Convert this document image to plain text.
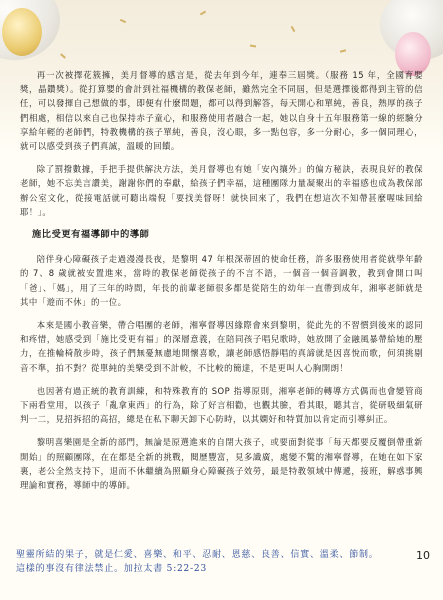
再一次被擇花簇擁，美月督導的感言是，從去年到今年，連奉三屆獎。（服務 15 年，全國育嬰獎，晶鑽獎）。從打算嬰的會計到社福機構的教保老師，雖然完全不同屆，但是選擇後都得到主管的信任，可以發揮自己想做的事，即便有什麼問題，都可以得到解答，每天開心和單純，善良，熱厚的孩子們相處，相信以來自己也保持赤子童心，和服務使用者融合一起，她以自身十五年服務第一線的經驗分享給年輕的老師們，特教機構的孩子單純，善良，沒心眼，多一點包容，多一分耐心，多一個同理心，就可以感受到孩子們真誠，溫暖的回饋。

除了罰撥數據，手把手提供解決方法，美月督導也有她「安內攘外」的偏方秘訣，表現良好的教保老師，她不忘美言讚美，謝謝你們的奉獻，給孩子們幸福，這種團隊力量凝聚出的幸福感也成為教保部辦公室文化，從接電話就可聽出端倪「要找美督呀！就快回來了，我們在想這次不知帶甚麼喔味回給耶！」。

施比受更有福導師中的導師

陪伴身心障礙孩子走過漫漫長夜，是黎明 47 年根深蒂固的使命任務，許多服務使用者從就學年齡的 7、8 歲就被安置進來，當時的教保老師從孩子的不言不語，一個音一個音調教，教到會開口叫「爸」、「媽」，用了三年的時間，年長的前輩老師很多都是從陪生的幼年一直帶到成年，湘寧老師就是其中「遊而不休」的一位。

本來是國小教音樂，帶合唱團的老師，湘寧督導因緣際會來到黎明，從此先的不習慣到後來的認同和疼惜，她感受到「施比受更有福」的深層意義，在陪同孩子唱兒歌時，她放開了金融風暴帶給她的壓力，在推輪椅散步時，孩子們無憂無慮地開懷喜歌，讓老師感悟靜唱的真諦就是因喜悅而歌，何須挑剔音不準，拍不對？從單純的美樂受到不計較，不比較的簡達，不是更叫人心胸開朗！

也因著有過正統的教育訓練，和特殊教育的 SOP 指導原則，湘寧老師的轉導方式偶而也會變管商下兩看堂用，以孩子「亂拿東西」的行為，除了好言相勸，也觀其臉，看其眼，聽其言，從研吸細氣研判一二，見招拆招的高招，總是在私下聊天卸下心防時，以其嫻好和特質加以肯定而引導糾正。

黎明喜樂園是全新的部門，無論是原選進來的自閉大孩子，或要面對從事「每天都要反覆倒帶重新開始」的照顧團隊，在在都是全新的挑戰，閱歷豐富，見多識廣，處變不驚的湘寧督導，在她在如下家裏，老公全然支持下，退而不休繼續為照顧身心障礙孩子效勞，最是特教領域中傳遞，接班，解惑事興理論和實務，導師中的導師。

聖靈所結的果子，就是仁愛、喜樂、和平、忍耐、恩慈、良善、信實、溫柔、節制。
這樣的事沒有律法禁止。加拉太書 5:22-23
10
